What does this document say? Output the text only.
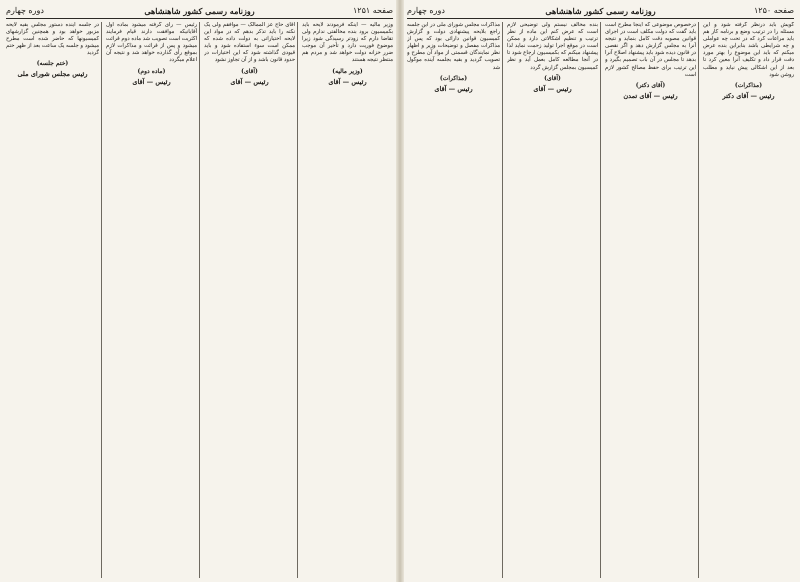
صفحه ۱۲۵۰
روزنامه رسمی کشور شاهنشاهی
دوره چهارم

گویش باید درنظر گرفته شود و این مسئله را در ترتیب وضع و برنامه کار هم باید مراعات کرد که در تحت چه عواملی و چه شرایطی باشد بنابراین بنده عرض میکنم که باید این موضوع را بهتر مورد دقت قرار داد و تکلیف آنرا معین کرد تا بعد از این اشکالی پیش نیاید و مطلب روشن شود

(مذاکرات)
رئیس — آقای دکتر

درخصوص موضوعی که اینجا مطرح است باید گفت که دولت مکلف است در اجرای قوانین مصوبه دقت کامل بنماید و نتیجه آنرا به مجلس گزارش دهد و اگر نقصی در قانون دیده شود باید پیشنهاد اصلاح آنرا بدهد تا مجلس در آن باب تصمیم بگیرد و این ترتیب برای حفظ مصالح کشور لازم است

(آقای دکتر)
رئیس — آقای تمدن

بنده مخالف نیستم ولی توضیحی لازم است که عرض کنم این ماده از نظر ترتیب و تنظیم اشکالاتی دارد و ممکن است در موقع اجرا تولید زحمت نماید لذا پیشنهاد میکنم که بکمیسیون ارجاع شود تا در آنجا مطالعه کامل بعمل آید و نظر کمیسیون بمجلس گزارش گردد

(آقای)
رئیس — آقای

مذاکرات مجلس شورای ملی در این جلسه راجع بلایحه پیشنهادی دولت و گزارش کمیسیون قوانین دارائی بود که پس از مذاکرات مفصل و توضیحات وزیر و اظهار نظر نمایندگان قسمتی از مواد آن مطرح و تصویب گردید و بقیه بجلسه آینده موکول شد

(مذاکرات)
رئیس — آقای
صفحه ۱۲۵۱
روزنامه رسمی کشور شاهنشاهی
دوره چهارم

وزیر مالیه — اینکه فرمودند لایحه باید بکمیسیون برود بنده مخالفتی ندارم ولی تقاضا دارم که زودتر رسیدگی شود زیرا موضوع فوریت دارد و تأخیر آن موجب ضرر خزانه دولت خواهد شد و مردم هم منتظر نتیجه هستند

(وزیر مالیه)
رئیس — آقای

آقای حاج عز الممالک — موافقم ولی یک نکته را باید تذکر بدهم که در مواد این لایحه اختیاراتی به دولت داده شده که ممکن است سوء استفاده شود و باید قیودی گذاشته شود که این اختیارات در حدود قانون باشد و از آن تجاوز نشود

(آقای)
رئیس — آقای

رئیس — رأی گرفته میشود بماده اول آقایانیکه موافقت دارند قیام فرمایند اکثریت است تصویب شد ماده دوم قرائت میشود و پس از قرائت و مذاکرات لازم بموقع رأی گذارده خواهد شد و نتیجه آن اعلام میگردد

(ماده دوم)
رئیس — آقای

در جلسه آینده دستور مجلس بقیه لایحه مزبور خواهد بود و همچنین گزارشهای کمیسیونها که حاضر شده است مطرح میشود و جلسه یک ساعت بعد از ظهر ختم گردید

(ختم جلسه)
رئیس مجلس شورای ملی
